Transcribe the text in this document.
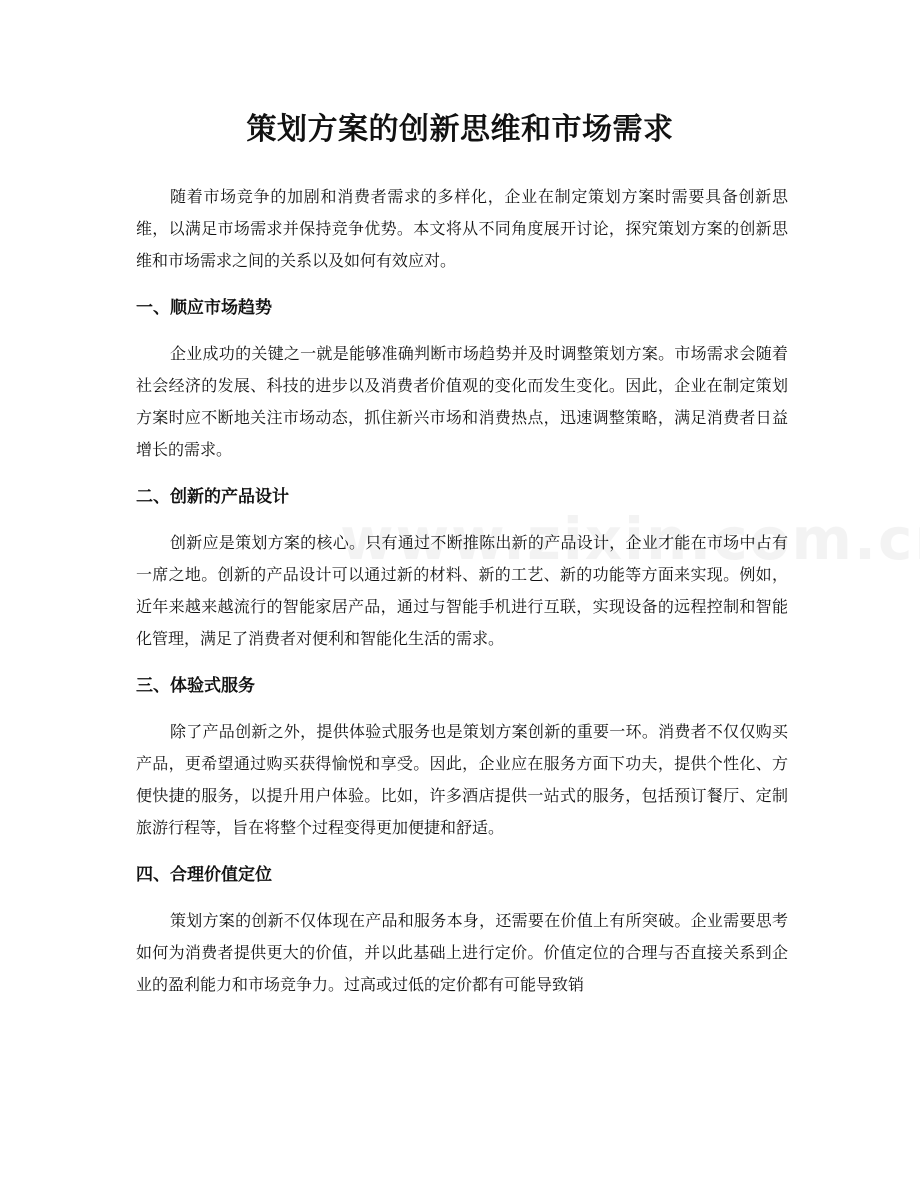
策划方案的创新思维和市场需求

随着市场竞争的加剧和消费者需求的多样化，企业在制定策划方案时需要具备创新思维，以满足市场需求并保持竞争优势。本文将从不同角度展开讨论，探究策划方案的创新思维和市场需求之间的关系以及如何有效应对。

一、顺应市场趋势

企业成功的关键之一就是能够准确判断市场趋势并及时调整策划方案。市场需求会随着社会经济的发展、科技的进步以及消费者价值观的变化而发生变化。因此，企业在制定策划方案时应不断地关注市场动态，抓住新兴市场和消费热点，迅速调整策略，满足消费者日益增长的需求。

二、创新的产品设计

创新应是策划方案的核心。只有通过不断推陈出新的产品设计，企业才能在市场中占有一席之地。创新的产品设计可以通过新的材料、新的工艺、新的功能等方面来实现。例如，近年来越来越流行的智能家居产品，通过与智能手机进行互联，实现设备的远程控制和智能化管理，满足了消费者对便利和智能化生活的需求。

三、体验式服务

除了产品创新之外，提供体验式服务也是策划方案创新的重要一环。消费者不仅仅购买产品，更希望通过购买获得愉悦和享受。因此，企业应在服务方面下功夫，提供个性化、方便快捷的服务，以提升用户体验。比如，许多酒店提供一站式的服务，包括预订餐厅、定制旅游行程等，旨在将整个过程变得更加便捷和舒适。

四、合理价值定位

策划方案的创新不仅体现在产品和服务本身，还需要在价值上有所突破。企业需要思考如何为消费者提供更大的价值，并以此基础上进行定价。价值定位的合理与否直接关系到企业的盈利能力和市场竞争力。过高或过低的定价都有可能导致销
